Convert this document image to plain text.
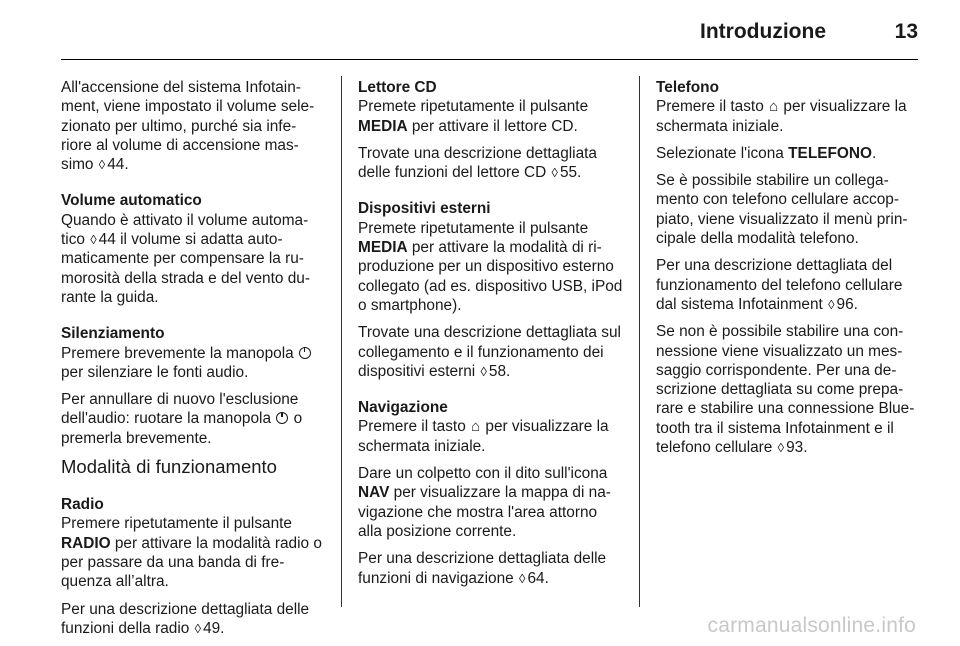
Introduzione	13

All'accensione del sistema Infotain-ment, viene impostato il volume sele-zionato per ultimo, purché sia infe-riore al volume di accensione mas-simo ◊ 44.

Volume automatico
Quando è attivato il volume automa-tico ◊ 44 il volume si adatta auto-maticamente per compensare la ru-morosità della strada e del vento du-rante la guida.

Silenziamento
Premere brevemente la manopola  per silenziare le fonti audio.

Per annullare di nuovo l'esclusione dell'audio: ruotare la manopola o premerla brevemente.

Modalità di funzionamento

Radio
Premere ripetutamente il pulsante RADIO per attivare la modalità radio o per passare da una banda di fre-quenza all’altra.

Per una descrizione dettagliata delle funzioni della radio ◊ 49.

Lettore CD
Premete ripetutamente il pulsante MEDIA per attivare il lettore CD.

Trovate una descrizione dettagliata delle funzioni del lettore CD ◊ 55.

Dispositivi esterni
Premete ripetutamente il pulsante MEDIA per attivare la modalità di ri-produzione per un dispositivo esterno collegato (ad es. dispositivo USB, iPod o smartphone).

Trovate una descrizione dettagliata sul collegamento e il funzionamento dei dispositivi esterni ◊ 58.

Navigazione
Premere il tasto ⌂ per visualizzare la schermata iniziale.

Dare un colpetto con il dito sull'icona NAV per visualizzare la mappa di na-vigazione che mostra l'area attorno alla posizione corrente.

Per una descrizione dettagliata delle funzioni di navigazione ◊ 64.

Telefono
Premere il tasto ⌂ per visualizzare la schermata iniziale.

Selezionate l'icona TELEFONO.

Se è possibile stabilire un collega-mento con telefono cellulare accop-piato, viene visualizzato il menù prin-cipale della modalità telefono.

Per una descrizione dettagliata del funzionamento del telefono cellulare dal sistema Infotainment ◊ 96.

Se non è possibile stabilire una con-nessione viene visualizzato un mes-saggio corrispondente. Per una de-scrizione dettagliata su come prepa-rare e stabilire una connessione Blue-tooth tra il sistema Infotainment e il telefono cellulare ◊ 93.

carmanualsonline.info
